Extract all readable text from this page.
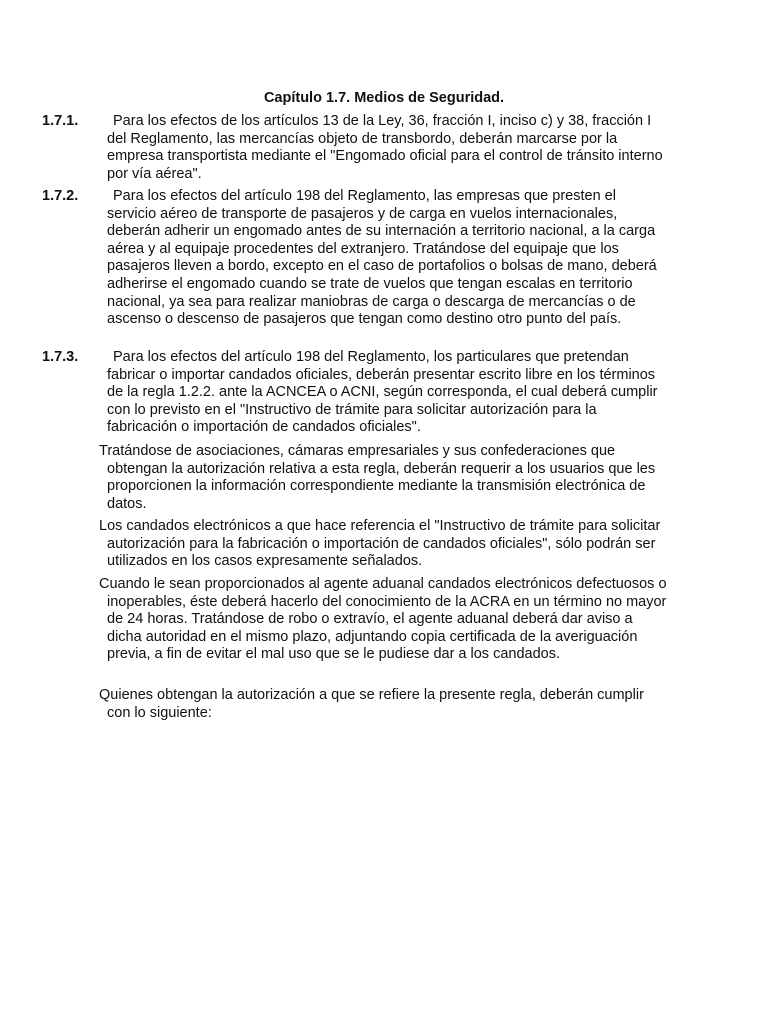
Capítulo 1.7. Medios de Seguridad.
1.7.1.	Para los efectos de los artículos 13 de la Ley, 36, fracción I, inciso c) y 38, fracción I del Reglamento, las mercancías objeto de transbordo, deberán marcarse por la empresa transportista mediante el "Engomado oficial para el control de tránsito interno por vía aérea".
1.7.2.	Para los efectos del artículo 198 del Reglamento, las empresas que presten el servicio aéreo de transporte de pasajeros y de carga en vuelos internacionales, deberán adherir un engomado antes de su internación a territorio nacional, a la carga aérea y al equipaje procedentes del extranjero. Tratándose del equipaje que los pasajeros lleven a bordo, excepto en el caso de portafolios o bolsas de mano, deberá adherirse el engomado cuando se trate de vuelos que tengan escalas en territorio nacional, ya sea para realizar maniobras de carga o descarga de mercancías o de ascenso o descenso de pasajeros que tengan como destino otro punto del país.
1.7.3.	Para los efectos del artículo 198 del Reglamento, los particulares que pretendan fabricar o importar candados oficiales, deberán presentar escrito libre en los términos de la regla 1.2.2. ante la ACNCEA o ACNI, según corresponda, el cual deberá cumplir con lo previsto en el "Instructivo de trámite para solicitar autorización para la fabricación o importación de candados oficiales".
Tratándose de asociaciones, cámaras empresariales y sus confederaciones que obtengan la autorización relativa a esta regla, deberán requerir a los usuarios que les proporcionen la información correspondiente mediante la transmisión electrónica de datos.
Los candados electrónicos a que hace referencia el "Instructivo de trámite para solicitar autorización para la fabricación o importación de candados oficiales", sólo podrán ser utilizados en los casos expresamente señalados.
Cuando le sean proporcionados al agente aduanal candados electrónicos defectuosos o inoperables, éste deberá hacerlo del conocimiento de la ACRA en un término no mayor de 24 horas. Tratándose de robo o extravío, el agente aduanal deberá dar aviso a dicha autoridad en el mismo plazo, adjuntando copia certificada de la averiguación previa, a fin de evitar el mal uso que se le pudiese dar a los candados.
Quienes obtengan la autorización a que se refiere la presente regla, deberán cumplir con lo siguiente:
